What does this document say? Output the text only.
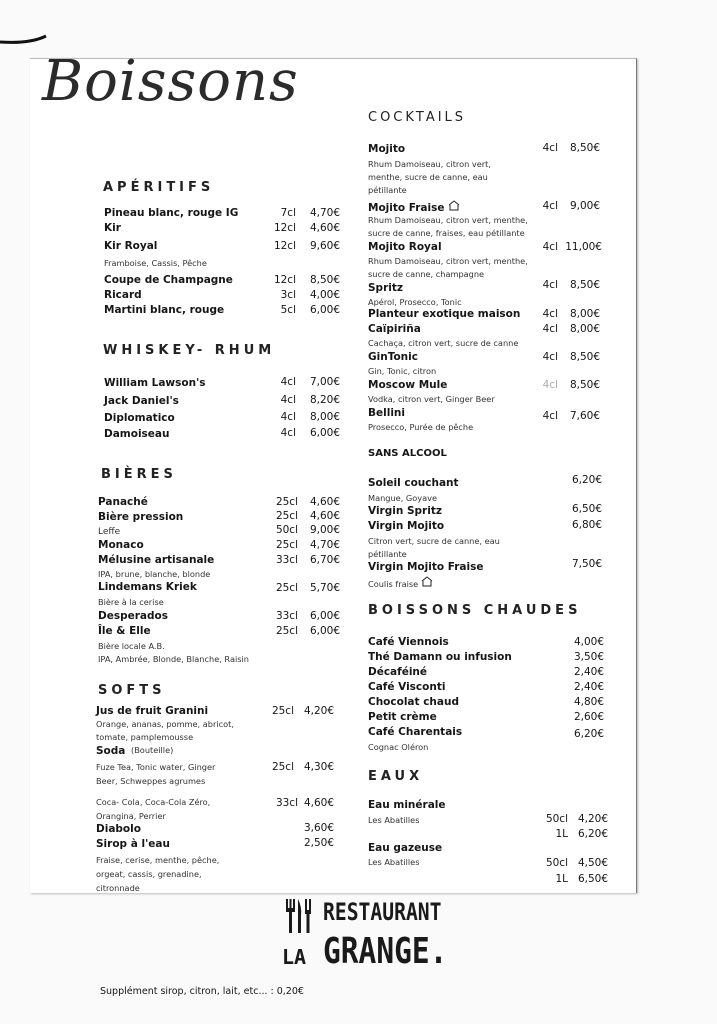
Boissons
APÉRITIFS
Pineau blanc, rouge IG	7cl	4,70€
Kir	12cl	4,60€
Kir Royal	12cl	9,60€
Framboise, Cassis, Pêche
Coupe de Champagne	12cl	8,50€
Ricard	3cl	4,00€
Martini blanc, rouge	5cl	6,00€
WHISKEY- RHUM
William Lawson's	4cl	7,00€
Jack Daniel's	4cl	8,20€
Diplomatico	4cl	8,00€
Damoiseau	4cl	6,00€
BIÈRES
Panaché	25cl	4,60€
Bière pression	25cl	4,60€
Leffe	50cl	9,00€
Monaco	25cl	4,70€
Mélusine artisanale	33cl	6,70€
IPA, brune, blanche, blonde
Lindemans Kriek	25cl	5,70€
Bière à la cerise
Desperados	33cl	6,00€
Île & Elle	25cl	6,00€
Bière locale A.B.
IPA, Ambrée, Blonde, Blanche, Raisin
SOFTS
Jus de fruit Granini	25cl 4,20€
Orange, ananas, pomme, abricot,
tomate, pamplemousse
Soda (Bouteille)
Fuze Tea, Tonic water, Ginger
Beer, Schweppes agrumes
25cl 4,30€
Coca- Cola, Coca-Cola Zéro,
Orangina, Perrier
33cl 4,60€
Diabolo	3,60€
Sirop à l'eau	2,50€
Fraise, cerise, menthe, pêche,
orgeat, cassis, grenadine,
citronnade
COCKTAILS
Mojito	4cl	8,50€
Rhum Damoiseau, citron vert,
menthe, sucre de canne, eau
pétillante
Mojito Fraise	4cl	9,00€
Rhum Damoiseau, citron vert, menthe,
sucre de canne, fraises, eau pétillante
Mojito Royal	4cl 11,00€
Rhum Damoiseau, citron vert, menthe,
sucre de canne, champagne
Spritz	4cl	8,50€
Apérol, Prosecco, Tonic
Planteur exotique maison	4cl	8,00€
Caïpiriña	4cl	8,00€
Cachaça, citron vert, sucre de canne
GinTonic	4cl	8,50€
Gin, Tonic, citron
Moscow Mule	4cl	8,50€
Vodka, citron vert, Ginger Beer
Bellini	4cl	7,60€
Prosecco, Purée de pêche
SANS ALCOOL
Soleil couchant	6,20€
Mangue, Goyave
Virgin Spritz	6,50€
Virgin Mojito	6,80€
Citron vert, sucre de canne, eau
pétillante
Virgin Mojito Fraise	7,50€
Coulis fraise
BOISSONS CHAUDES
Café Viennois	4,00€
Thé Damann ou infusion	3,50€
Décaféiné	2,40€
Café Visconti	2,40€
Chocolat chaud	4,80€
Petit crème	2,60€
Café Charentais	6,20€
Cognac Oléron
EAUX
Eau minérale
Les Abatilles	50cl 4,20€
1L 6,20€
Eau gazeuse
Les Abatilles	50cl 4,50€
1L 6,50€
RESTAURANT
LA GRANGE.
Supplément sirop, citron, lait, etc... : 0,20€
